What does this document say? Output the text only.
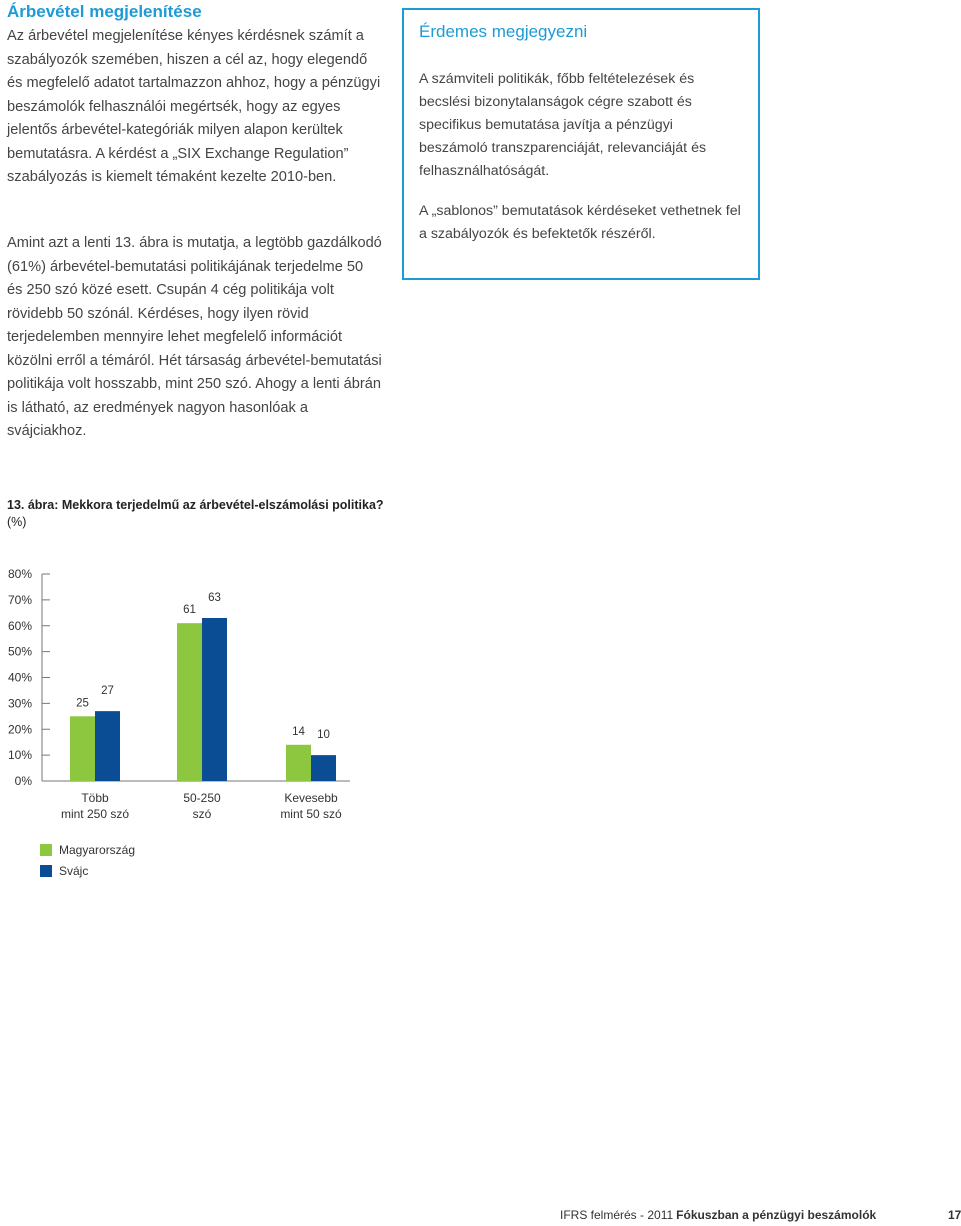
Árbevétel megjelenítése

Az árbevétel megjelenítése kényes kérdésnek számít a szabályozók szemében, hiszen a cél az, hogy elegendő és megfelelő adatot tartalmazzon ahhoz, hogy a pénzügyi beszámolók felhasználói megértsék, hogy az egyes jelentős árbevétel-kategóriák milyen alapon kerültek bemutatásra. A kérdést a „SIX Exchange Regulation” szabályozás is kiemelt témaként kezelte 2010-ben.

Amint azt a lenti 13. ábra is mutatja, a legtöbb gazdálkodó (61%) árbevétel-bemutatási politikájának terjedelme 50 és 250 szó közé esett. Csupán 4 cég politikája volt rövidebb 50 szónál. Kérdéses, hogy ilyen rövid terjedelemben mennyire lehet megfelelő információt közölni erről a témáról. Hét társaság árbevétel-bemutatási politikája volt hosszabb, mint 250 szó. Ahogy a lenti ábrán is látható, az eredmények nagyon hasonlóak a svájciakhoz.

Érdemes megjegyezni

A számviteli politikák, főbb feltételezések és becslési bizonytalanságok cégre szabott és specifikus bemutatása javítja a pénzügyi beszámoló transzparenciáját, relevanciáját és felhasználhatóságát.

A „sablonos” bemutatások kérdéseket vethetnek fel a szabályozók és befektetők részéről.

13. ábra: Mekkora terjedelmű az árbevétel-elszámolási politika? (%)
0%
10%
20%
30%
40%
50%
60%
70%
80%
25
27
Több
mint 250 szó
61
63
50-250
szó
14 10
Kevesebb
mint 50 szó
Magyarország
Svájc
IFRS felmérés - 2011 Fókuszban a pénzügyi beszámolók	17
